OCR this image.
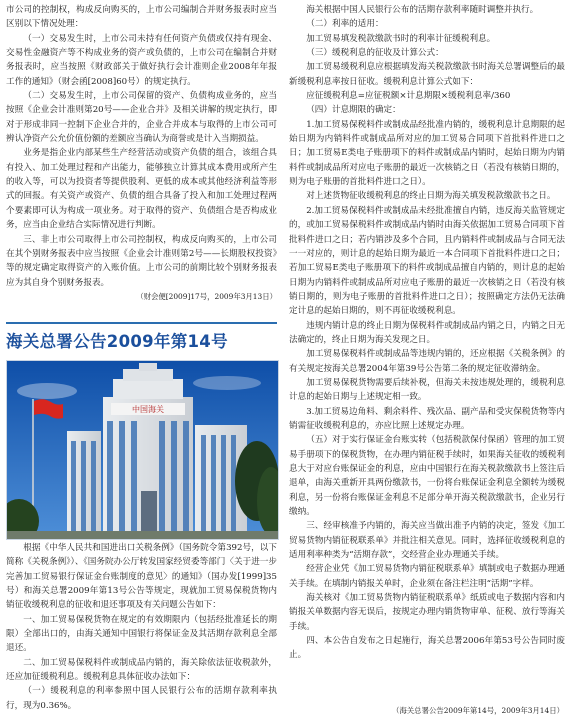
市公司的控制权，构成反向购买的，上市公司编制合并财务报表时应当区别以下情况处理：

（一）交易发生时，上市公司未持有任何资产负债或仅持有现金、交易性金融资产等不构成业务的资产或负债的，上市公司在编制合并财务报表时，应当按照《财政部关于做好执行会计准则企业2008年年报工作的通知》（财会函[2008]60号）的规定执行。

（二）交易发生时，上市公司保留的资产、负债构成业务的，应当按照《企业会计准则第20号——企业合并》及相关讲解的规定执行，即对于形成非同一控制下企业合并的，企业合并成本与取得的上市公司可辨认净资产公允价值份额的差额应当确认为商誉或是计入当期损益。

业务是指企业内部某些生产经营活动或资产负债的组合，该组合具有投入、加工处理过程和产出能力，能够独立计算其成本费用或所产生的收入等，可以为投资者等提供股利、更低的成本或其他经济利益等形式的回报。有关资产或资产、负债的组合具备了投入和加工处理过程两个要素即可认为构成一项业务。对于取得的资产、负债组合是否构成业务，应当由企业结合实际情况进行判断。

三、非上市公司取得上市公司控制权，构成反向购买的，上市公司在其个别财务报表中应当按照《企业会计准则第2号——长期股权投资》等的规定确定取得资产的入账价值。上市公司的前期比较个别财务报表应为其自身个别财务报表。

（财会便[2009]17号，2009年3月13日）

海关总署公告2009年第14号
中国海关

根据《中华人民共和国进出口关税条例》（国务院令第392号，以下简称《关税条例》）、《国务院办公厅转发国家经贸委等部门〈关于进一步完善加工贸易银行保证金台账制度的意见〉的通知》（国办发[1999]35号）和海关总署2009年第13号公告等规定，现就加工贸易保税货物内销征收缓税利息的征收和退还事项及有关问题公告如下：

一、加工贸易保税货物在规定的有效期限内（包括经批准延长的期限）全部出口的，由海关通知中国银行将保证金及其活期存款利息全部退还。

二、加工贸易保税料件或制成品内销的，海关除依法征收税款外，还应加征缓税利息。缓税利息具体征收办法如下：

（一）缓税利息的利率参照中国人民银行公布的活期存款利率执行，现为0.36%。

海关根据中国人民银行公布的活期存款利率随时调整并执行。

（二）利率的适用：

加工贸易填发税款缴款书时的利率计征缓税利息。

（三）缓税利息的征收及计算公式：

加工贸易缓税利息应根据填发海关税款缴款书时海关总署调整后的最新缓税利息率按日征收。缓税利息计算公式如下：

应征缓税利息=应征税额×计息期限×缓税利息率/360

（四）计息期限的确定：

1.加工贸易保税料件或制成品经批准内销的，缓税利息计息期限的起始日期为内销料件或制成品所对应的加工贸易合同项下首批料件进口之日；加工贸易E类电子账册项下的料件或制成品内销时，起始日期为内销料件或制成品所对应电子账册的最近一次核销之日（若没有核销日期的，则为电子账册的首批料件进口之日）。

对上述货物征收缓税利息的终止日期为海关填发税款缴款书之日。

2.加工贸易保税料件或制成品未经批准擅自内销，违反海关监管规定的，或加工贸易保税料件或制成品内销时由海关依据加工贸易合同项下首批料件进口之日；若内销涉及多个合同，且内销料件或制成品与合同无法一一对应的，则计息的起始日期为最近一本合同项下首批料件进口之日；若加工贸易E类电子账册项下的料件或制成品擅自内销的，则计息的起始日期为内销料件或制成品所对应电子账册的最近一次核销之日（若没有核销日期的，则为电子账册的首批料件进口之日）；按照确定方法仍无法确定计息的起始日期的，则不再征收缓税利息。

违规内销计息的终止日期为保税料件或制成品内销之日，内销之日无法确定的，终止日期为海关发现之日。

加工贸易保税料件或制成品等违规内销的，还应根据《关税条例》的有关规定按海关总署2004年第39号公告第二条的规定征收滞纳金。

加工贸易保税货物需要后续补税，但海关未按违规处理的，缓税利息计息的起始日期与上述规定相一致。

3.加工贸易边角料、剩余料件、残次品、副产品和受灾保税货物等内销需征收缓税利息的，亦应比照上述规定办理。

（五）对于实行保证金台账实转（包括税款保付保函）管理的加工贸易手册项下的保税货物，在办理内销征税手续时，如果海关征收的缓税利息大于对应台账保证金的利息，应由中国银行在海关税款缴款书上签注后退单，由海关重新开具两份缴款书，一份将台账保证金利息全额转为缓税利息，另一份将台账保证金利息不足部分单开海关税款缴款书，企业另行缴纳。

三、经审核准予内销的，海关应当做出准予内销的决定，签发《加工贸易货物内销征税联系单》并批注相关意见。同时，选择征收缓税利息的适用利率种类为“活期存款”，交经营企业办理通关手续。

经营企业凭《加工贸易货物内销征税联系单》填制或电子数据办理通关手续。在填制内销报关单时，企业须在备注栏注明“活期”字样。

海关核对《加工贸易货物内销征税联系单》纸质或电子数据内容和内销报关单数据内容无误后，按规定办理内销货物审单、征税、放行等海关手续。

四、本公告自发布之日起施行，海关总署2006年第53号公告同时废止。

（海关总署公告2009年第14号，2009年3月14日）
